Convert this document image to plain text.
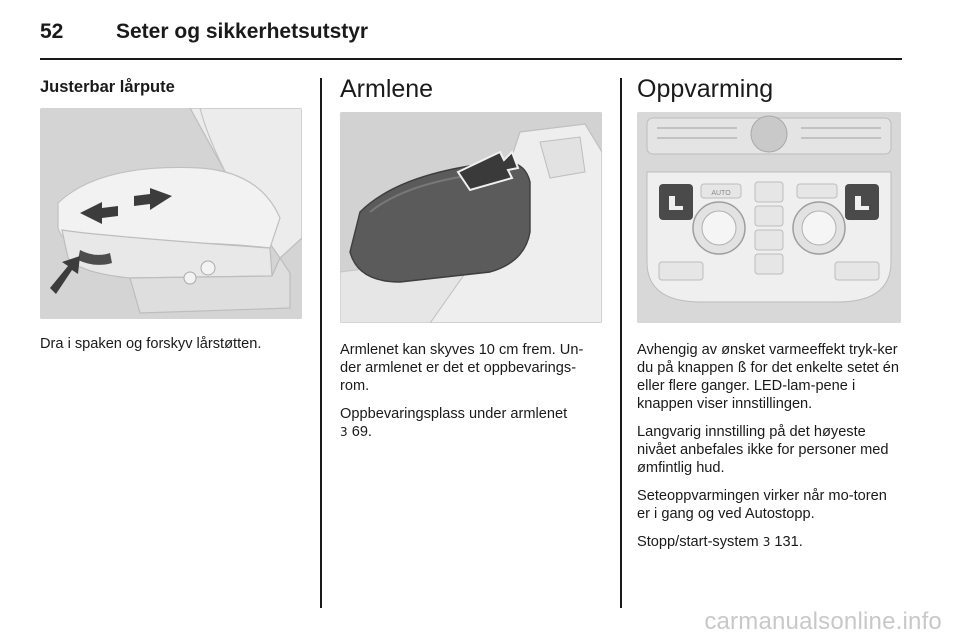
52	Seter og sikkerhetsutstyr
Justerbar lårpute

Dra i spaken og forskyv lårstøtten.

Armlene

Armlenet kan skyves 10 cm frem. Un-der armlenet er det et oppbevarings-rom.

Oppbevaringsplass under armlenet
3 69.

Oppvarming
AUTO

Avhengig av ønsket varmeeffekt tryk-ker du på knappen ß for det enkelte setet én eller flere ganger. LED-lam-pene i knappen viser innstillingen.

Langvarig innstilling på det høyeste nivået anbefales ikke for personer med ømfintlig hud.

Seteoppvarmingen virker når mo-toren er i gang og ved Autostopp.

Stopp/start-system 3 131.

carmanualsonline.info
